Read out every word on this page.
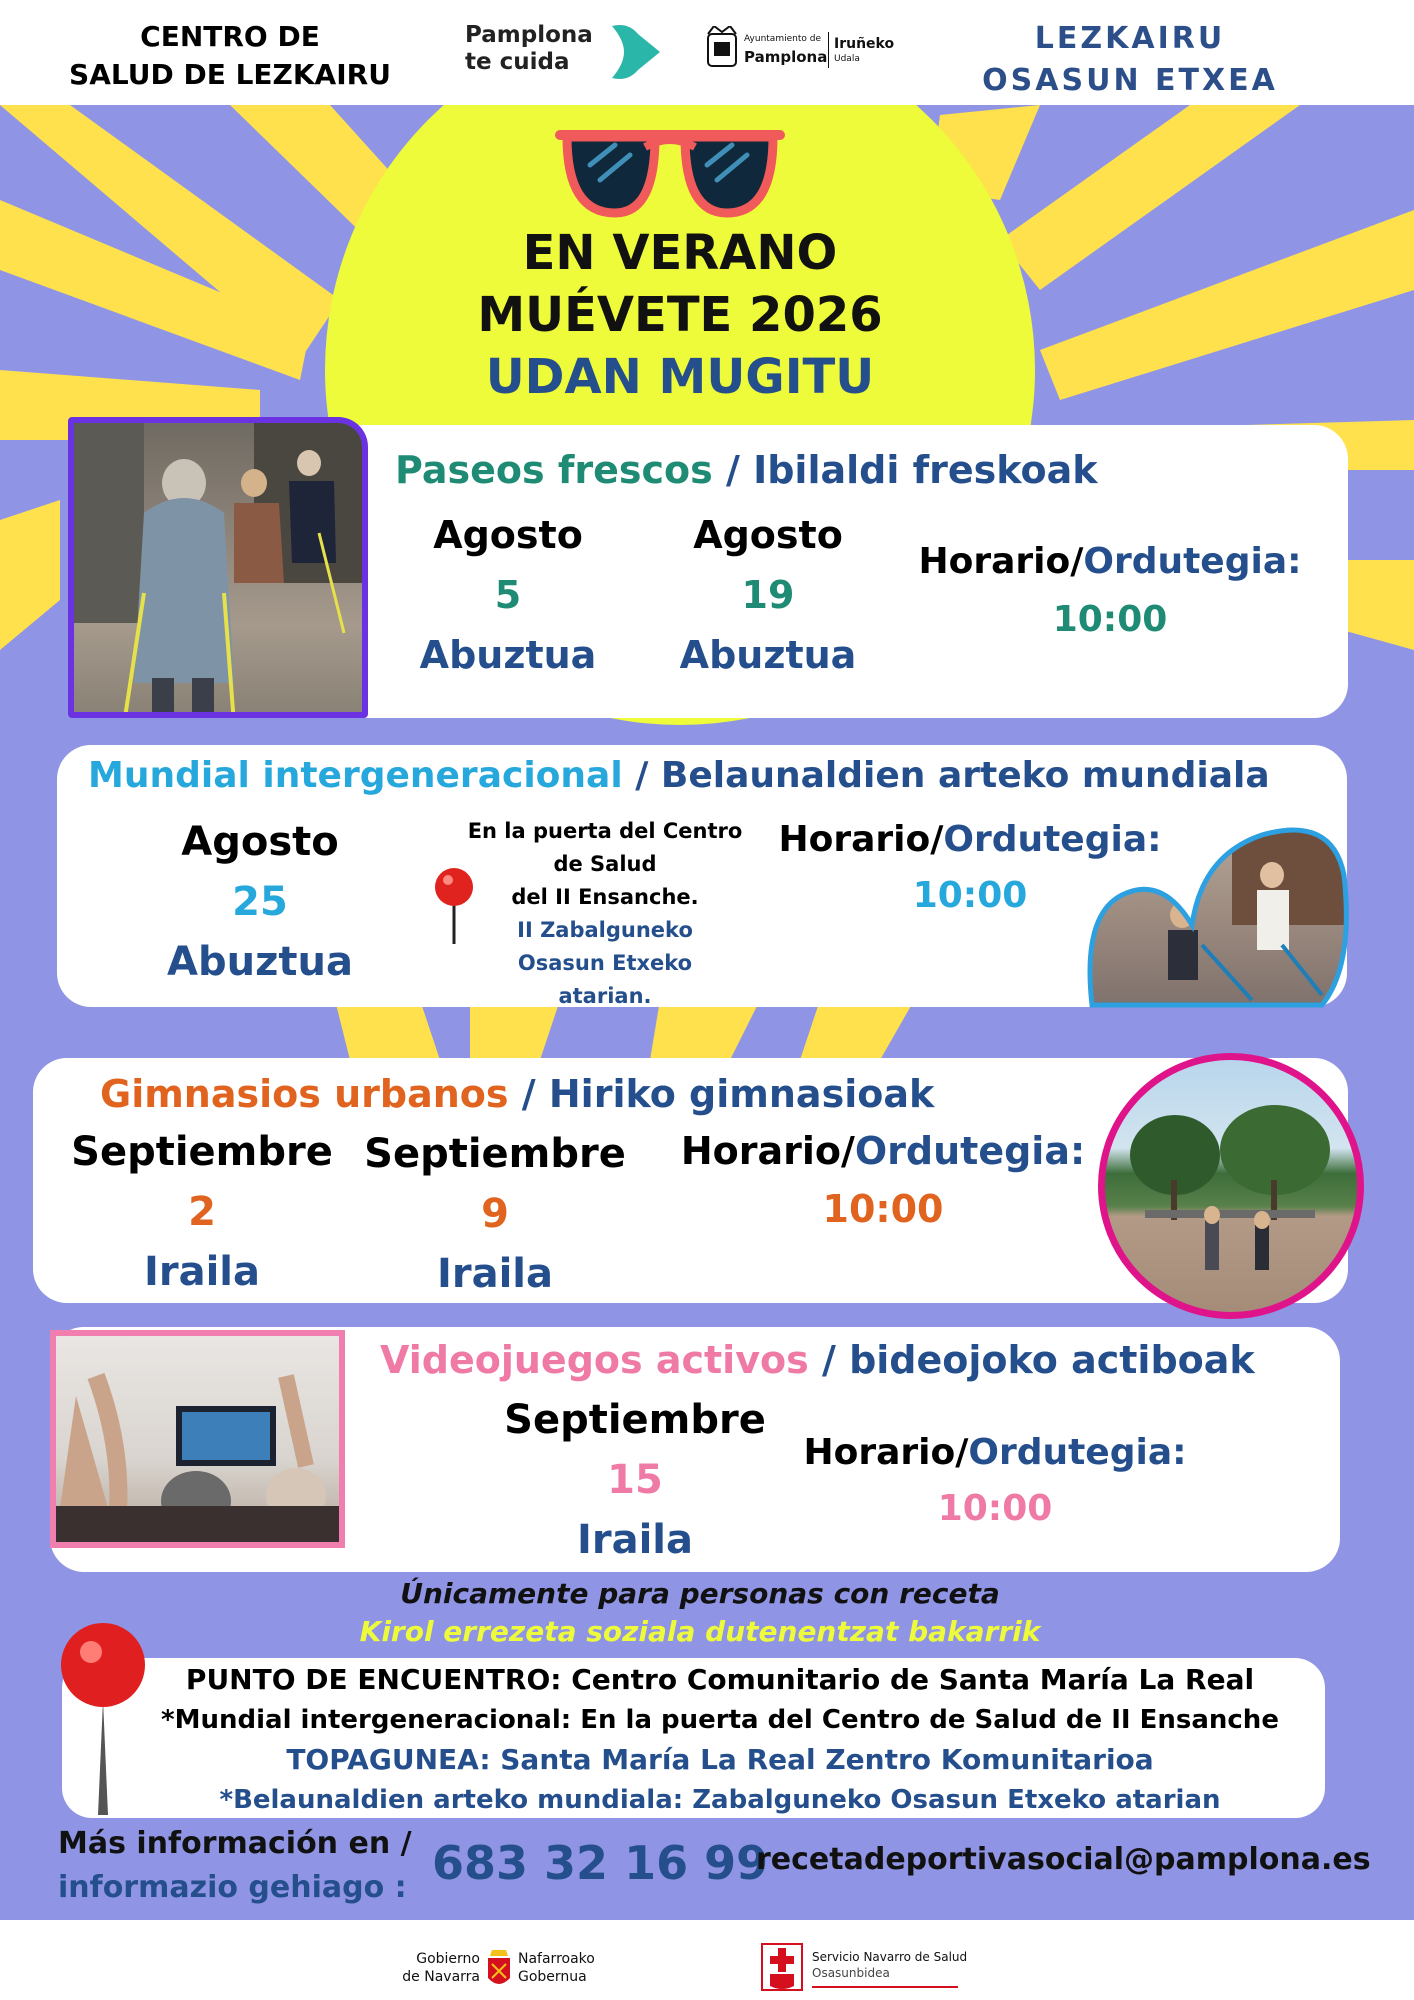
CENTRO DE
SALUD DE LEZKAIRU
Pamplona
te cuida
Ayuntamiento de
Pamplona
Iruñeko
Udala
LEZKAIRU
OSASUN ETXEA
EN VERANO
MUÉVETE 2026
UDAN MUGITU
Paseos frescos / Ibilaldi freskoak
Agosto
5
Abuztua
Agosto
19
Abuztua
Horario/Ordutegia:
10:00
Mundial intergeneracional / Belaunaldien arteko mundiala
Agosto
25
Abuztua
En la puerta del Centro
de Salud
del II Ensanche.
II Zabalguneko
Osasun Etxeko
atarian.
Horario/Ordutegia:
10:00
Gimnasios urbanos / Hiriko gimnasioak
Septiembre
2
Iraila
Septiembre
9
Iraila
Horario/Ordutegia:
10:00
Videojuegos activos / bideojoko actiboak
Septiembre
15
Iraila
Horario/Ordutegia:
10:00
Únicamente para personas con receta
Kirol errezeta soziala dutenentzat bakarrik
PUNTO DE ENCUENTRO: Centro Comunitario de Santa María La Real
*Mundial intergeneracional: En la puerta del Centro de Salud de II Ensanche
TOPAGUNEA: Santa María La Real Zentro Komunitarioa
*Belaunaldien arteko mundiala: Zabalguneko Osasun Etxeko atarian
Más información en /
informazio gehiago : 683 32 16 99
recetadeportivasocial@pamplona.es
Gobierno
de Navarra
Nafarroako
Gobernua
Servicio Navarro de Salud
Osasunbidea
